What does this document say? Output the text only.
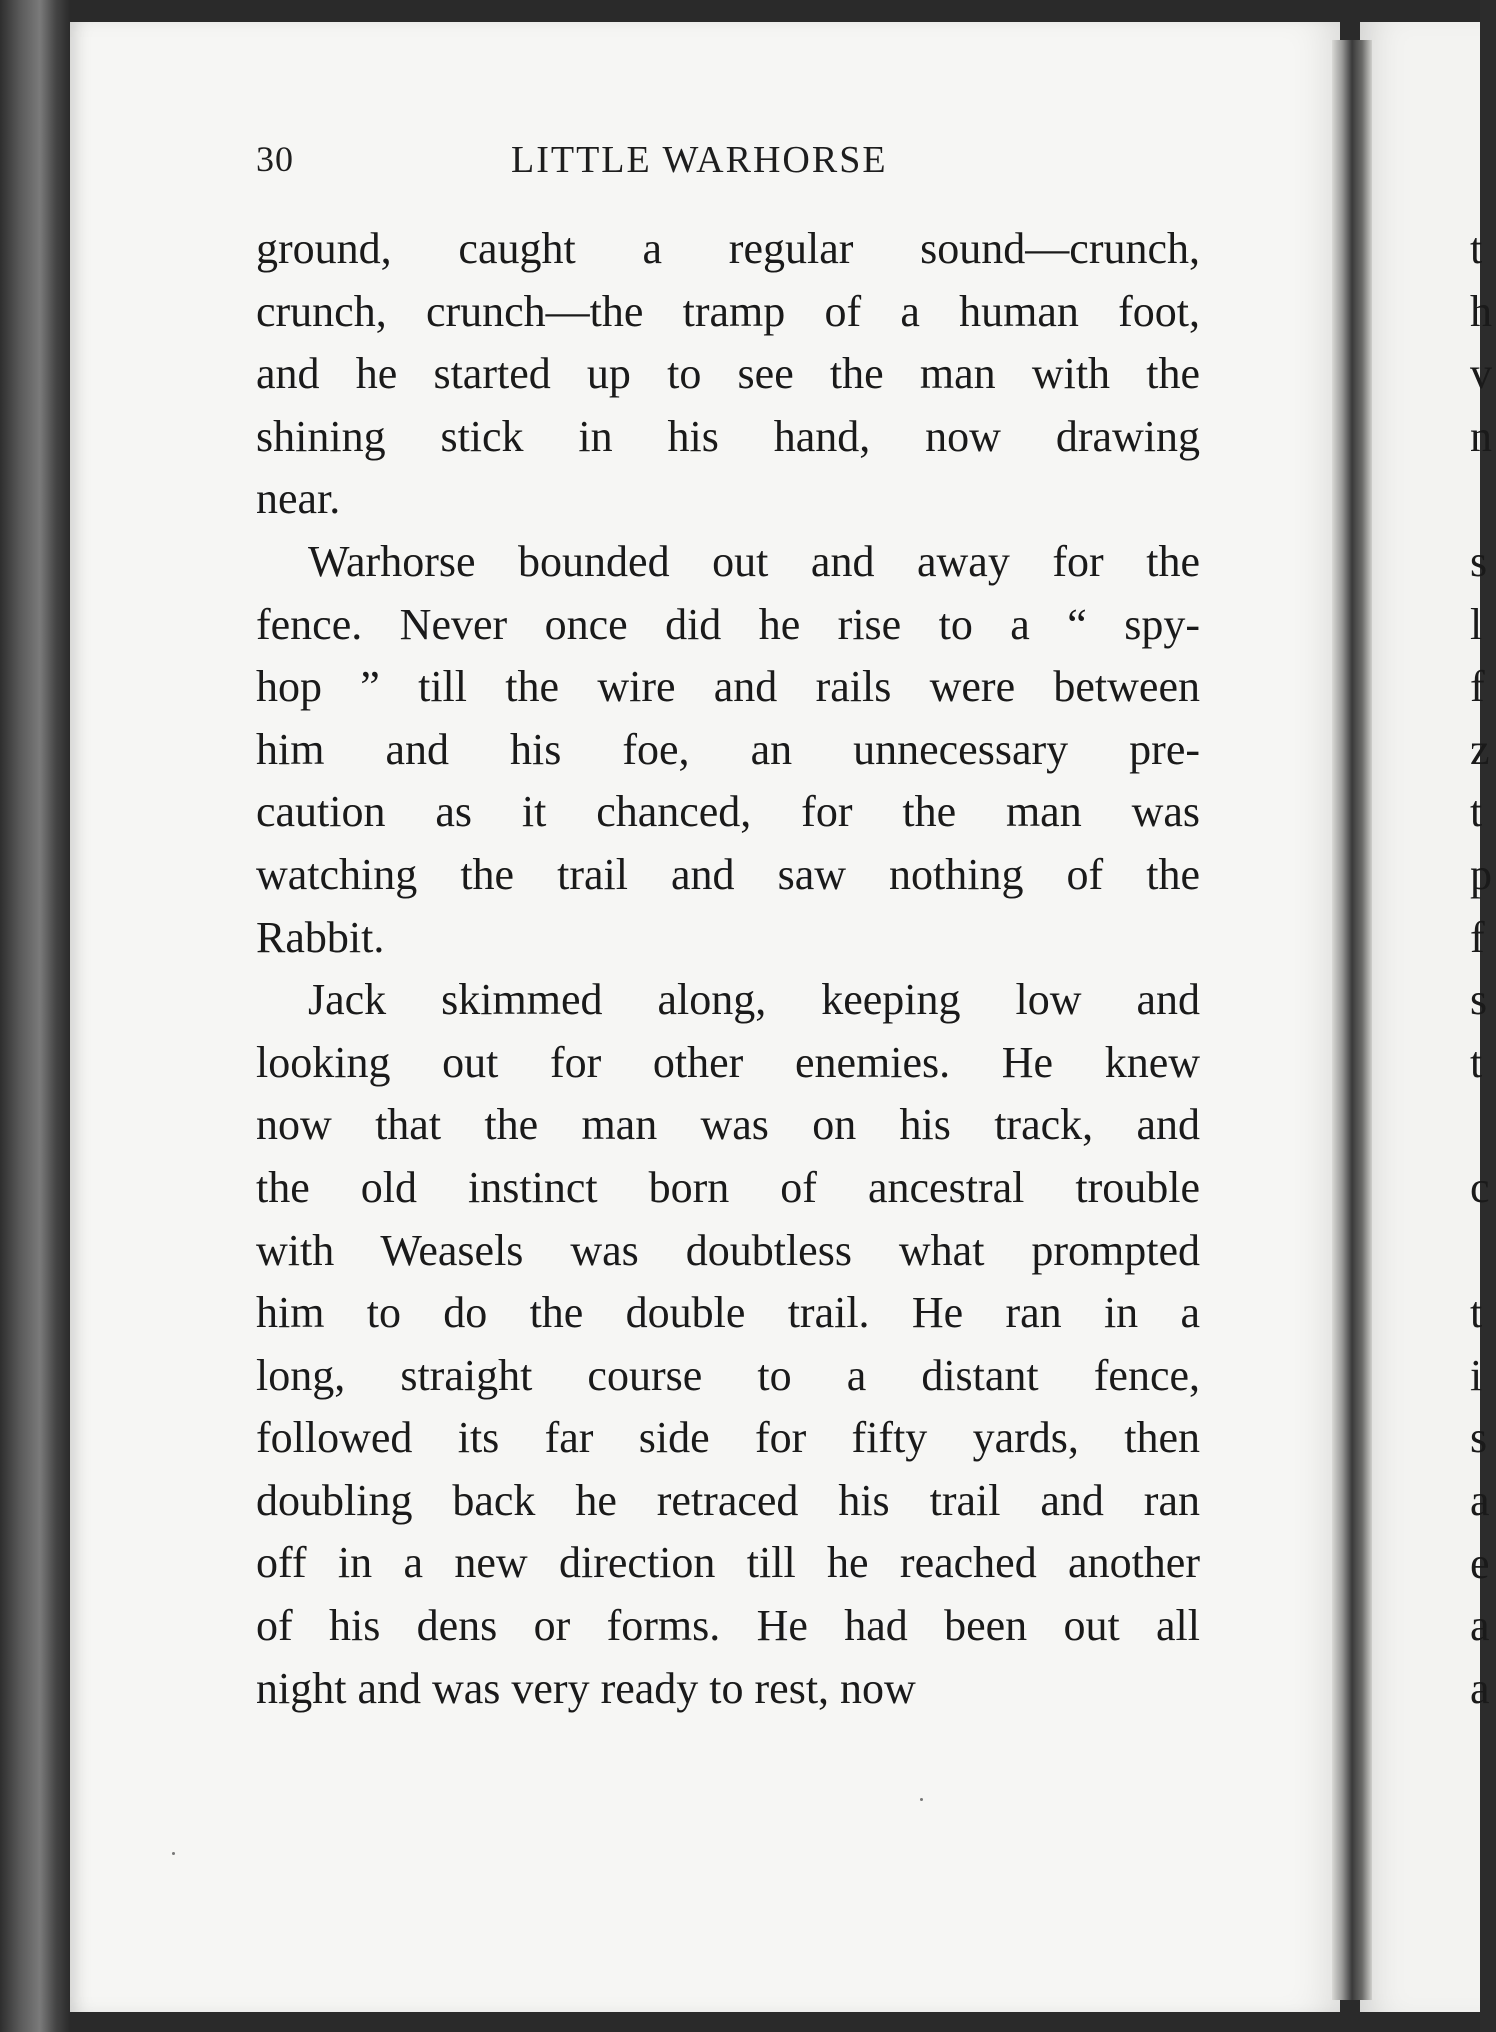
30	LITTLE WARHORSE

ground, caught a regular sound—crunch,
crunch, crunch—the tramp of a human foot,
and he started up to see the man with the
shining stick in his hand, now drawing
near.

Warhorse bounded out and away for the
fence. Never once did he rise to a “ spy-
hop ” till the wire and rails were between
him and his foe, an unnecessary pre-
caution as it chanced, for the man was
watching the trail and saw nothing of the
Rabbit.

Jack skimmed along, keeping low and
looking out for other enemies. He knew
now that the man was on his track, and
the old instinct born of ancestral trouble
with Weasels was doubtless what prompted
him to do the double trail. He ran in a
long, straight course to a distant fence,
followed its far side for fifty yards, then
doubling back he retraced his trail and ran
off in a new direction till he reached another
of his dens or forms. He had been out all
night and was very ready to rest, now

t
h
v
n
s
l
f
z
t
p
f
s
t
c
t
i
s
a
e
a
a
